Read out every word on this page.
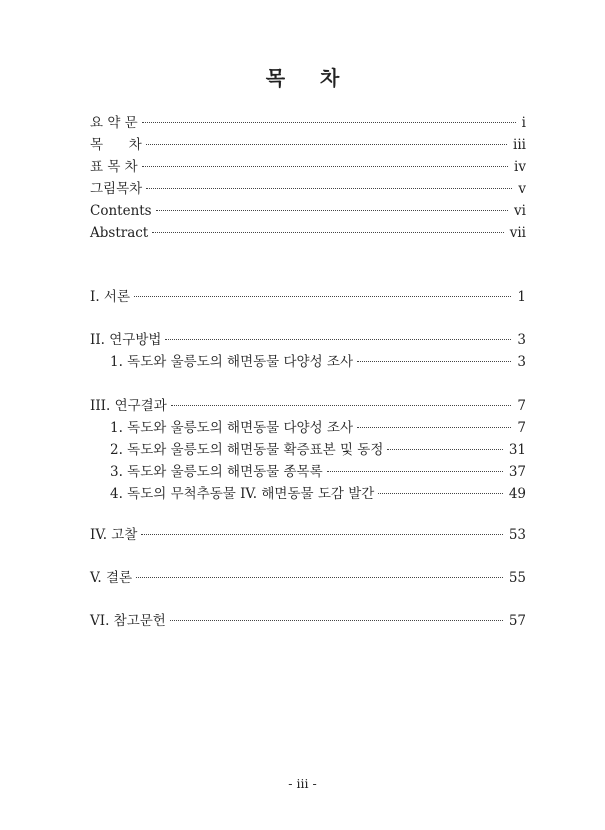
목 차
요 약 문	i
목      차	iii
표 목 차	iv
그림목차	v
Contents	vi
Abstract	vii
I. 서론	1
II. 연구방법	3
1. 독도와 울릉도의 해면동물 다양성 조사	3
III. 연구결과	7
1. 독도와 울릉도의 해면동물 다양성 조사	7
2. 독도와 울릉도의 해면동물 확증표본 및 동정	31
3. 독도와 울릉도의 해면동물 종목록	37
4. 독도의 무척추동물 IV. 해면동물 도감 발간	49
IV. 고찰	53
V. 결론	55
VI. 참고문헌	57
- iii -
